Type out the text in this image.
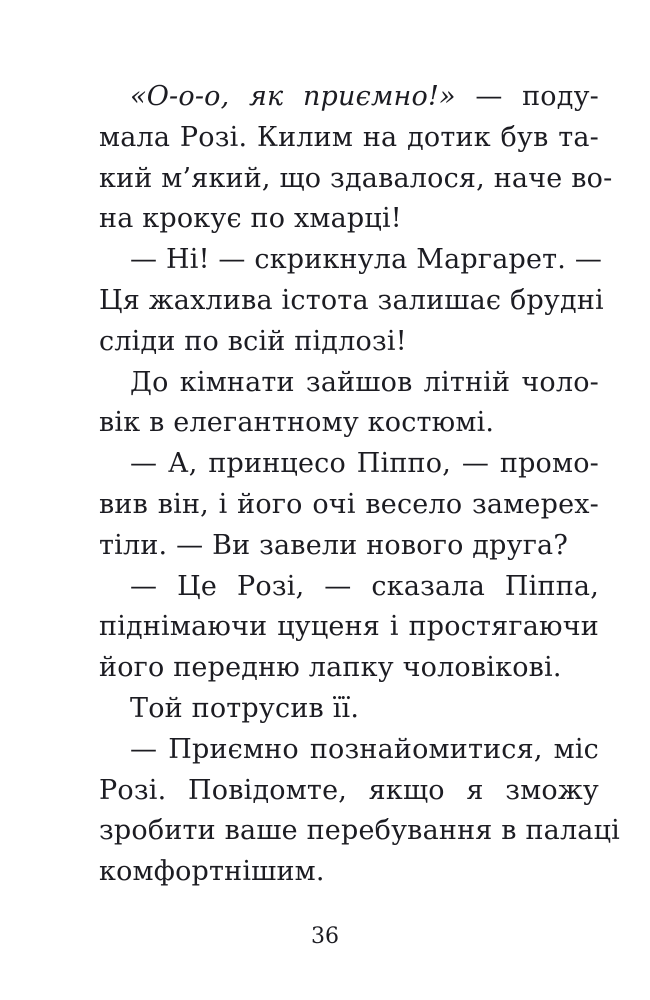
«О-о-о, як приємно!» — поду-
мала Розі. Килим на дотик був та-
кий м’який, що здавалося, наче во-
на крокує по хмарці!
— Ні! — скрикнула Маргарет. —
Ця жахлива істота залишає брудні
сліди по всій підлозі!
До кімнати зайшов літній чоло-
вік в елегантному костюмі.
— А, принцесо Піппо, — промо-
вив він, і його очі весело замерех-
тіли. — Ви завели нового друга?
— Це Розі, — сказала Піппа,
піднімаючи цуценя і простягаючи
його передню лапку чоловікові.
Той потрусив її.
— Приємно познайомитися, міс
Розі. Повідомте, якщо я зможу
зробити ваше перебування в палаці
комфортнішим.
36
